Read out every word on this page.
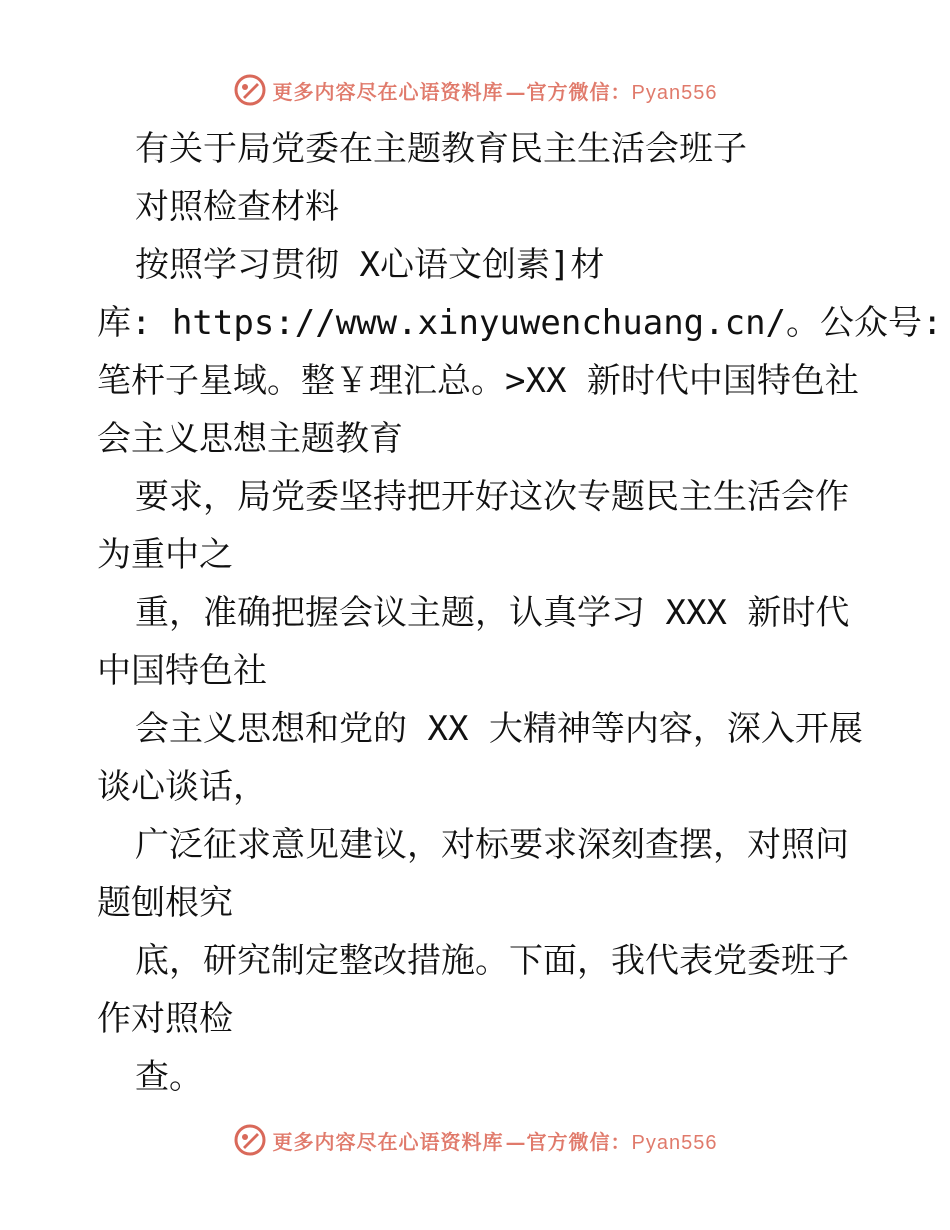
更多内容尽在心语资料库 —官方微信：Pyan556
有关于局党委在主题教育民主生活会班子
对照检查材料
按照学习贯彻 X心语文创素]材
库: https://www.xinyuwenchuang.cn/。公众号:
笔杆子星域。整￥理汇总。>XX 新时代中国特色社
会主义思想主题教育
要求，局党委坚持把开好这次专题民主生活会作
为重中之
重，准确把握会议主题，认真学习 XXX 新时代
中国特色社
会主义思想和党的 XX 大精神等内容，深入开展
谈心谈话，
广泛征求意见建议，对标要求深刻查摆，对照问
题刨根究
底，研究制定整改措施。下面，我代表党委班子
作对照检
查。
更多内容尽在心语资料库 —官方微信：Pyan556
